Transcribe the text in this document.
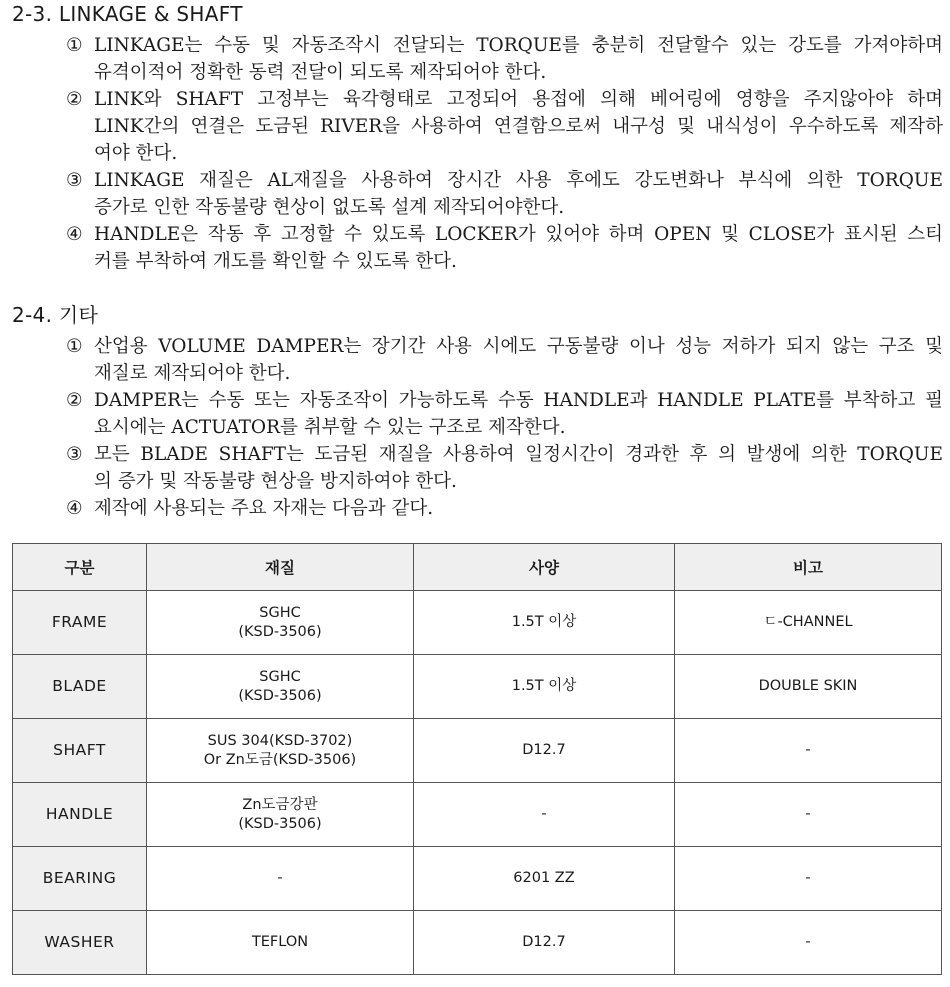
2-3. LINKAGE & SHAFT
① LINKAGE는 수동 및 자동조작시 전달되는 TORQUE를 충분히 전달할수 있는 강도를 가져야하며
유격이적어 정확한 동력 전달이 되도록 제작되어야 한다.
② LINK와 SHAFT 고정부는 육각형태로 고정되어 용접에 의해 베어링에 영향을 주지않아야 하며
LINK간의 연결은 도금된 RIVER을 사용하여 연결함으로써 내구성 및 내식성이 우수하도록 제작하
여야 한다.
③ LINKAGE 재질은 AL재질을 사용하여 장시간 사용 후에도 강도변화나 부식에 의한 TORQUE
증가로 인한 작동불량 현상이 없도록 설계 제작되어야한다.
④ HANDLE은 작동 후 고정할 수 있도록 LOCKER가 있어야 하며 OPEN 및 CLOSE가 표시된 스티
커를 부착하여 개도를 확인할 수 있도록 한다.
2-4. 기타
① 산업용 VOLUME DAMPER는 장기간 사용 시에도 구동불량 이나 성능 저하가 되지 않는 구조 및
재질로 제작되어야 한다.
② DAMPER는 수동 또는 자동조작이 가능하도록 수동 HANDLE과 HANDLE PLATE를 부착하고 필
요시에는 ACTUATOR를 취부할 수 있는 구조로 제작한다.
③ 모든 BLADE SHAFT는 도금된 재질을 사용하여 일정시간이 경과한 후 의 발생에 의한 TORQUE
의 증가 및 작동불량 현상을 방지하여야 한다.
④ 제작에 사용되는 주요 자재는 다음과 같다.
구분	재질	사양	비고
FRAME	SGHC
(KSD-3506)	1.5T 이상	ㄷ-CHANNEL
BLADE	SGHC
(KSD-3506)	1.5T 이상	DOUBLE SKIN
SHAFT	SUS 304(KSD-3702)
Or Zn도금(KSD-3506)	D12.7	-
HANDLE	Zn도금강판
(KSD-3506)	-	-
BEARING	-	6201 ZZ	-
WASHER	TEFLON	D12.7	-
